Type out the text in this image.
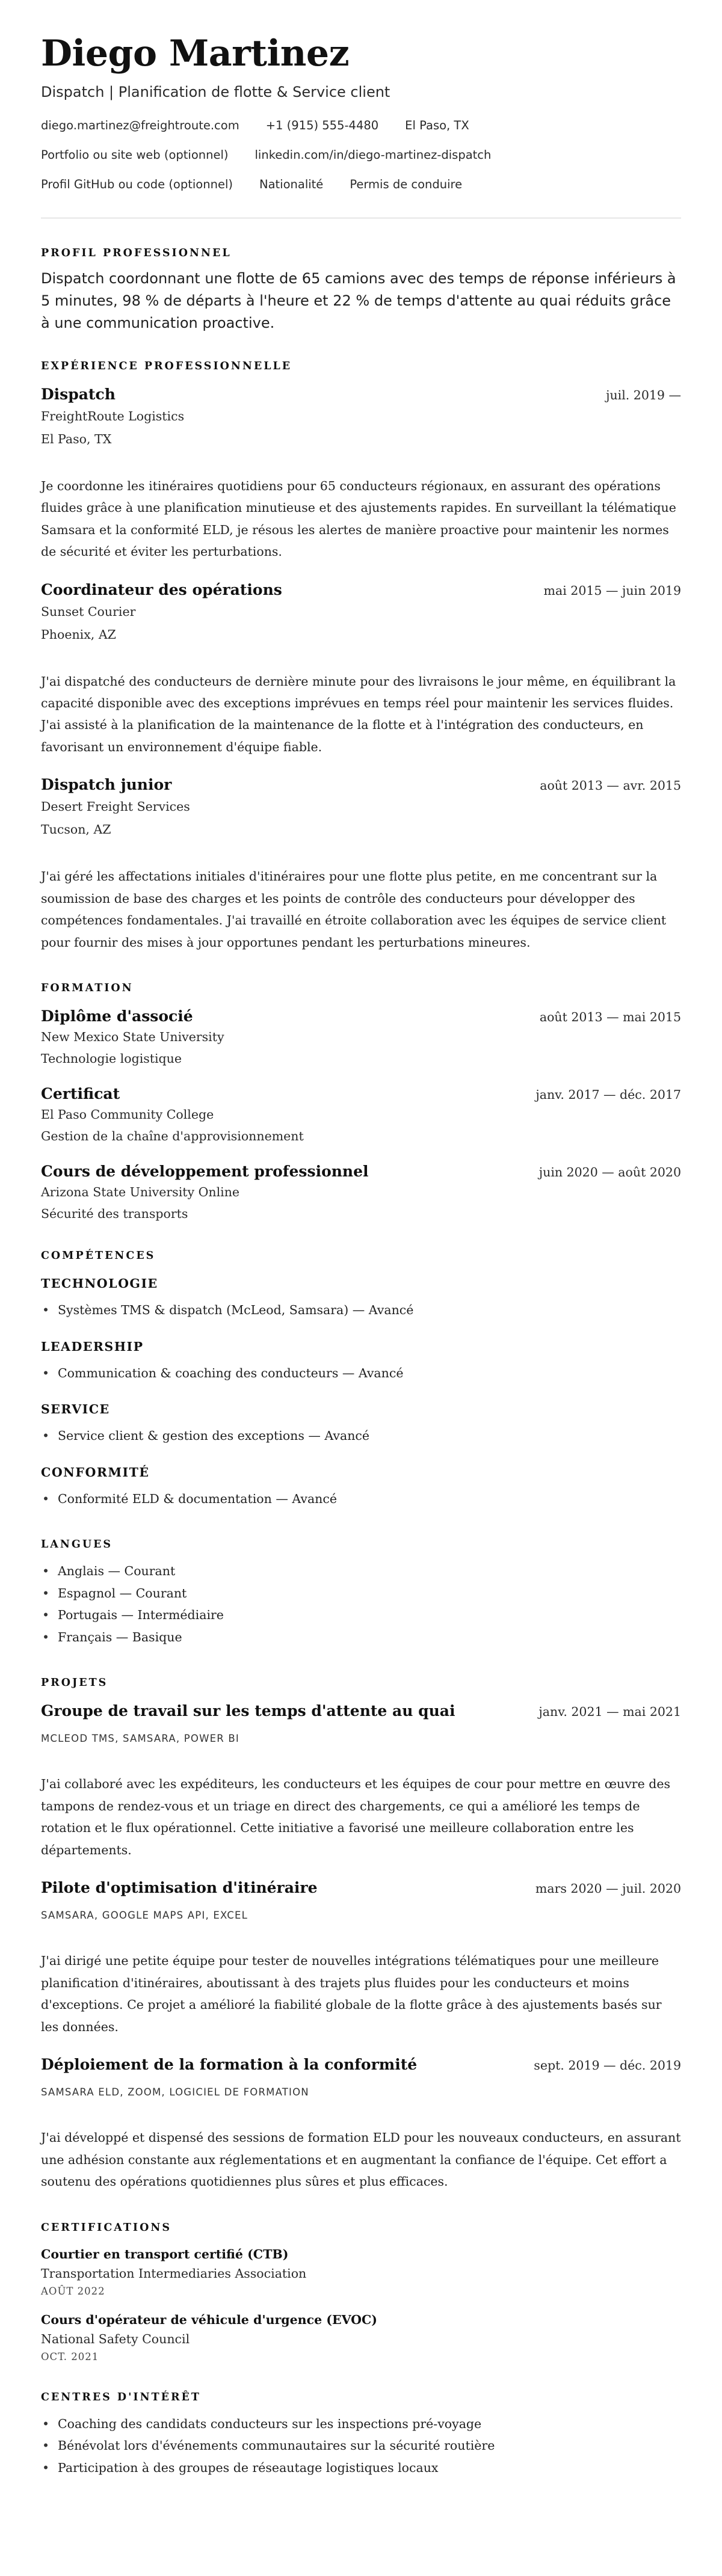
Diego Martinez
Dispatch | Planification de flotte & Service client
diego.martinez@freightroute.com +1 (915) 555-4480 El Paso, TX
Portfolio ou site web (optionnel) linkedin.com/in/diego-martinez-dispatch
Profil GitHub ou code (optionnel) Nationalité Permis de conduire
PROFIL PROFESSIONNEL
Dispatch coordonnant une flotte de 65 camions avec des temps de réponse inférieurs à 5 minutes, 98 % de départs à l'heure et 22 % de temps d'attente au quai réduits grâce à une communication proactive.
EXPÉRIENCE PROFESSIONNELLE
Dispatch	juil. 2019 —
FreightRoute Logistics
El Paso, TX
Je coordonne les itinéraires quotidiens pour 65 conducteurs régionaux, en assurant des opérations fluides grâce à une planification minutieuse et des ajustements rapides. En surveillant la télématique Samsara et la conformité ELD, je résous les alertes de manière proactive pour maintenir les normes de sécurité et éviter les perturbations.
Coordinateur des opérations	mai 2015 — juin 2019
Sunset Courier
Phoenix, AZ
J'ai dispatché des conducteurs de dernière minute pour des livraisons le jour même, en équilibrant la capacité disponible avec des exceptions imprévues en temps réel pour maintenir les services fluides. J'ai assisté à la planification de la maintenance de la flotte et à l'intégration des conducteurs, en favorisant un environnement d'équipe fiable.
Dispatch junior	août 2013 — avr. 2015
Desert Freight Services
Tucson, AZ
J'ai géré les affectations initiales d'itinéraires pour une flotte plus petite, en me concentrant sur la soumission de base des charges et les points de contrôle des conducteurs pour développer des compétences fondamentales. J'ai travaillé en étroite collaboration avec les équipes de service client pour fournir des mises à jour opportunes pendant les perturbations mineures.
FORMATION
Diplôme d'associé	août 2013 — mai 2015
New Mexico State University
Technologie logistique
Certificat	janv. 2017 — déc. 2017
El Paso Community College
Gestion de la chaîne d'approvisionnement
Cours de développement professionnel	juin 2020 — août 2020
Arizona State University Online
Sécurité des transports
COMPÉTENCES
TECHNOLOGIE
• Systèmes TMS & dispatch (McLeod, Samsara) — Avancé
LEADERSHIP
• Communication & coaching des conducteurs — Avancé
SERVICE
• Service client & gestion des exceptions — Avancé
CONFORMITÉ
• Conformité ELD & documentation — Avancé
LANGUES
• Anglais — Courant
• Espagnol — Courant
• Portugais — Intermédiaire
• Français — Basique
PROJETS
Groupe de travail sur les temps d'attente au quai	janv. 2021 — mai 2021
MCLEOD TMS, SAMSARA, POWER BI
J'ai collaboré avec les expéditeurs, les conducteurs et les équipes de cour pour mettre en œuvre des tampons de rendez-vous et un triage en direct des chargements, ce qui a amélioré les temps de rotation et le flux opérationnel. Cette initiative a favorisé une meilleure collaboration entre les départements.
Pilote d'optimisation d'itinéraire	mars 2020 — juil. 2020
SAMSARA, GOOGLE MAPS API, EXCEL
J'ai dirigé une petite équipe pour tester de nouvelles intégrations télématiques pour une meilleure planification d'itinéraires, aboutissant à des trajets plus fluides pour les conducteurs et moins d'exceptions. Ce projet a amélioré la fiabilité globale de la flotte grâce à des ajustements basés sur les données.
Déploiement de la formation à la conformité	sept. 2019 — déc. 2019
SAMSARA ELD, ZOOM, LOGICIEL DE FORMATION
J'ai développé et dispensé des sessions de formation ELD pour les nouveaux conducteurs, en assurant une adhésion constante aux réglementations et en augmentant la confiance de l'équipe. Cet effort a soutenu des opérations quotidiennes plus sûres et plus efficaces.
CERTIFICATIONS
Courtier en transport certifié (CTB)
Transportation Intermediaries Association
AOÛT 2022
Cours d'opérateur de véhicule d'urgence (EVOC)
National Safety Council
OCT. 2021
CENTRES D'INTÉRÊT
• Coaching des candidats conducteurs sur les inspections pré-voyage
• Bénévolat lors d'événements communautaires sur la sécurité routière
• Participation à des groupes de réseautage logistiques locaux
